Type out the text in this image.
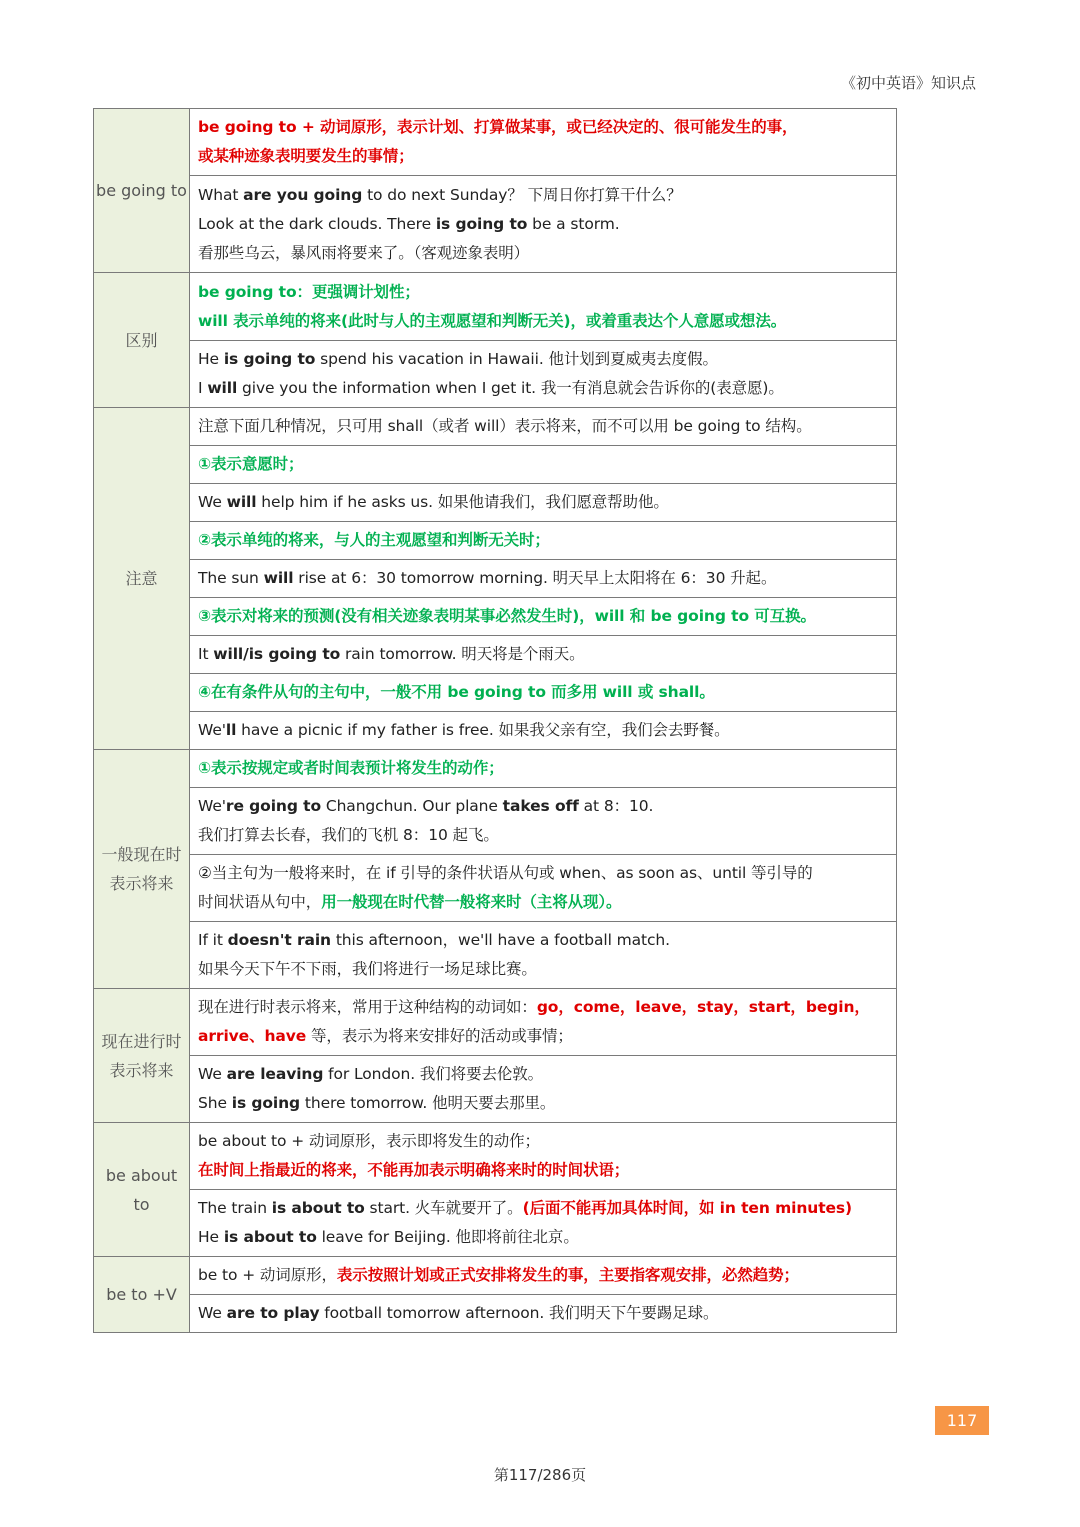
《初中英语》知识点
be going to	be going to + 动词原形，表示计划、打算做某事，或已经决定的、很可能发生的事，
或某种迹象表明要发生的事情；

	What are you going to do next Sunday？ 下周日你打算干什么？
Look at the dark clouds. There is going to be a storm.
看那些乌云，暴风雨将要来了。（客观迹象表明）

区别	be going to：更强调计划性；
will 表示单纯的将来(此时与人的主观愿望和判断无关)，或着重表达个人意愿或想法。

	He is going to spend his vacation in Hawaii. 他计划到夏威夷去度假。
I will give you the information when I get it. 我一有消息就会告诉你的(表意愿)。

注意	注意下面几种情况，只可用 shall（或者 will）表示将来，而不可以用 be going to 结构。

	①表示意愿时；

	We will help him if he asks us. 如果他请我们，我们愿意帮助他。

	②表示单纯的将来，与人的主观愿望和判断无关时；

	The sun will rise at 6：30 tomorrow morning. 明天早上太阳将在 6：30 升起。

	③表示对将来的预测(没有相关迹象表明某事必然发生时)，will 和 be going to 可互换。

	It will/is going to rain tomorrow. 明天将是个雨天。

	④在有条件从句的主句中，一般不用 be going to 而多用 will 或 shall。

	We'll have a picnic if my father is free. 如果我父亲有空，我们会去野餐。

一般现在时表示将来	①表示按规定或者时间表预计将发生的动作；

	We're going to Changchun. Our plane takes off at 8：10.
我们打算去长春，我们的飞机 8：10 起飞。

	②当主句为一般将来时，在 if 引导的条件状语从句或 when、as soon as、until 等引导的
时间状语从句中，用一般现在时代替一般将来时（主将从现）。

	If it doesn't rain this afternoon，we'll have a football match.
如果今天下午不下雨，我们将进行一场足球比赛。

现在进行时表示将来	现在进行时表示将来，常用于这种结构的动词如：go，come，leave，stay，start，begin，
arrive、have 等，表示为将来安排好的活动或事情；

	We are leaving for London. 我们将要去伦敦。
She is going there tomorrow. 他明天要去那里。

be about to	be about to + 动词原形，表示即将发生的动作；
在时间上指最近的将来，不能再加表示明确将来时的时间状语；

	The train is about to start. 火车就要开了。(后面不能再加具体时间，如 in ten minutes)
He is about to leave for Beijing. 他即将前往北京。

be to +V	be to + 动词原形，表示按照计划或正式安排将发生的事，主要指客观安排，必然趋势；

	We are to play football tomorrow afternoon. 我们明天下午要踢足球。
117
第117/286页
